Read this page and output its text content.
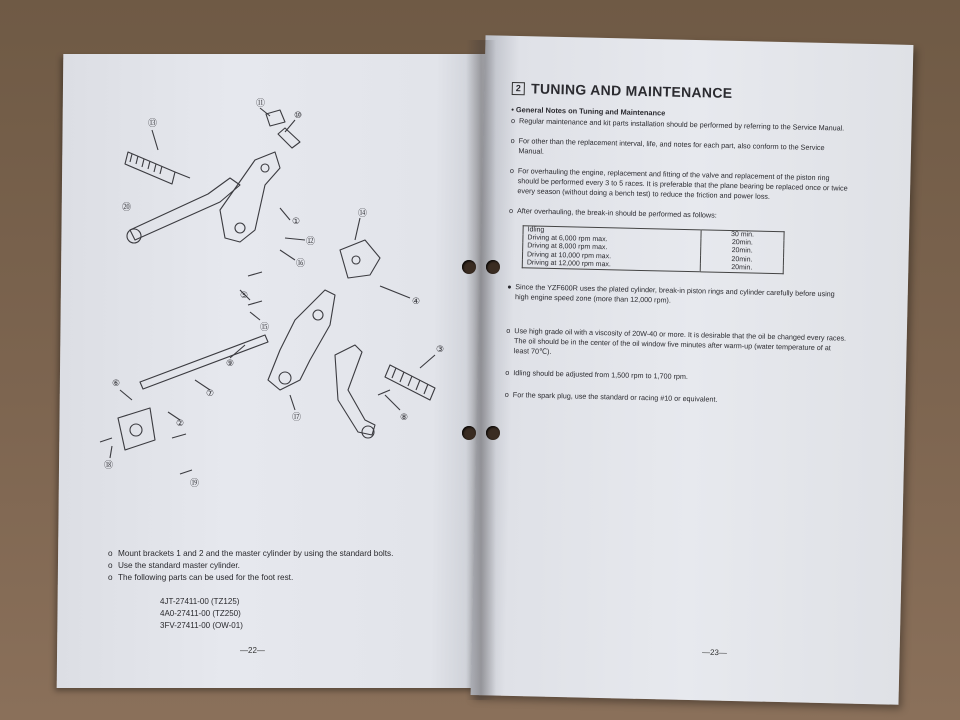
⑬
⑪
⑩
①
⑳
⑫
⑯
⑭
④
⑤
⑮
⑨
⑦
②
⑥
⑱
③
⑧
⑰
⑲
o Mount brackets 1 and 2 and the master cylinder by using the standard bolts.
o Use the standard master cylinder.
o The following parts can be used for the foot rest.
4JT-27411-00 (TZ125)
4A0-27411-00 (TZ250)
3FV-27411-00 (OW-01)
—22—
2 TUNING AND MAINTENANCE
• General Notes on Tuning and Maintenance
o Regular maintenance and kit parts installation should be performed by referring to the Service Manual.
o For other than the replacement interval, life, and notes for each part, also conform to the Service Manual.
o For overhauling the engine, replacement and fitting of the valve and replacement of the piston ring should be performed every 3 to 5 races. It is preferable that the plane bearing be replaced once or twice every season (without doing a bench test) to reduce the friction and power loss.
o After overhauling, the break-in should be performed as follows:
Idling	30 min.
Driving at 6,000 rpm max.	20min.
Driving at 8,000 rpm max.	20min.
Driving at 10,000 rpm max.	20min.
Driving at 12,000 rpm max.	20min.
● Since the YZF600R uses the plated cylinder, break-in piston rings and cylinder carefully before using high engine speed zone (more than 12,000 rpm).
o Use high grade oil with a viscosity of 20W-40 or more. It is desirable that the oil be changed every races. The oil should be in the center of the oil window five minutes after warm-up (water temperature of at least 70℃).
o Idling should be adjusted from 1,500 rpm to 1,700 rpm.
o For the spark plug, use the standard or racing #10 or equivalent.
—23—
